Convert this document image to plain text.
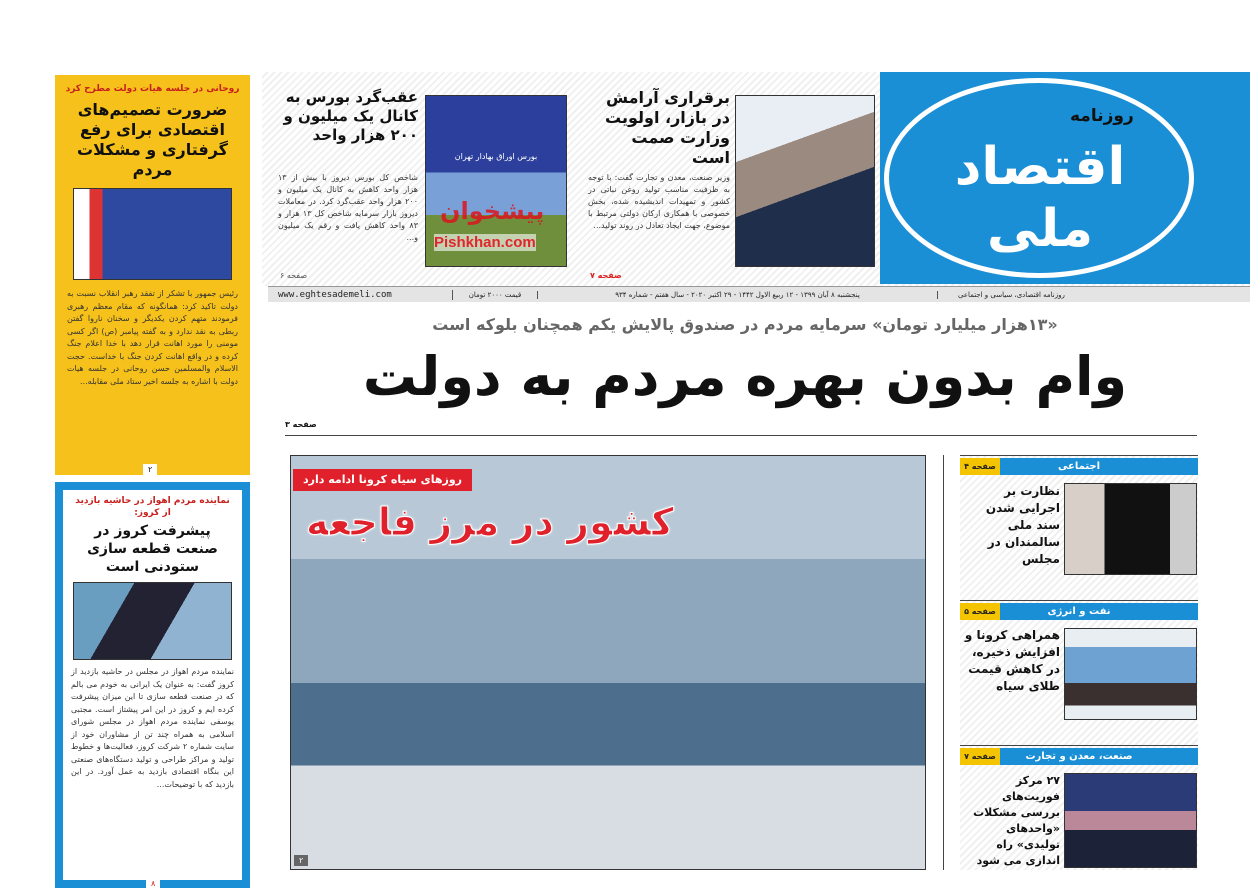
روزنامه
اقتصاد ملی
برقراری آرامش در بازار، اولویت وزارت صمت است
وزیر صنعت، معدن و تجارت گفت: با توجه به ظرفیت مناسب تولید روغن نباتی در کشور و تمهیدات اندیشیده شده، بخش خصوصی با همکاری ارکان دولتی مرتبط با موضوع، جهت ایجاد تعادل در روند تولید...
صفحه ۷
بورس اوراق بهادار تهران
پیشخوان
Pishkhan.com
عقب‌گرد بورس به کانال یک میلیون و ۲۰۰ هزار واحد
شاخص کل بورس دیروز با بیش از ۱۳ هزار واحد کاهش به کانال یک میلیون و ۲۰۰ هزار واحد عقب‌گرد کرد. در معاملات دیروز بازار سرمایه شاخص کل ۱۳ هزار و ۸۳ واحد کاهش یافت و رقم یک میلیون و...
صفحه ۶
www.eghtesademeli.com	قیمت ۲۰۰۰ تومان	پنجشنبه ۸ آبان ۱۳۹۹ - ۱۲ ربیع الاول ۱۴۴۲ - ۲۹ اکتبر ۲۰۲۰ - سال هفتم - شماره ۹۳۴	روزنامه اقتصادی، سیاسی و اجتماعی
«۱۳هزار میلیارد تومان» سرمایه مردم در صندوق پالایش یکم همچنان بلوکه است
وام بدون بهره مردم به دولت
صفحه ۳
روزهای سیاه کرونا ادامه دارد
کشور در مرز فاجعه
۲
روحانی در جلسه هیات دولت مطرح کرد
ضرورت تصمیم‌های اقتصادی برای رفع گرفتاری و مشکلات مردم
رئیس جمهور با تشکر از تفقد رهبر انقلاب نسبت به دولت تاکید کرد: همانگونه که مقام معظم رهبری فرمودند متهم کردن یکدیگر و سخنان ناروا گفتن ربطی به نقد ندارد و به گفته پیامبر (ص) اگر کسی مومنی را مورد اهانت قرار دهد با خدا اعلام جنگ کرده و در واقع اهانت کردن جنگ با خداست. حجت الاسلام والمسلمین حسن روحانی در جلسه هیات دولت با اشاره به جلسه اخیر ستاد ملی مقابله...
۲
نماینده مردم اهواز در حاشیه بازدید از کروز:
پیشرفت کروز در صنعت قطعه سازی ستودنی است
نماینده مردم اهواز در مجلس در حاشیه بازدید از کروز گفت: به عنوان یک ایرانی به خودم می بالم که در صنعت قطعه سازی تا این میزان پیشرفت کرده ایم و کروز در این امر پیشتاز است. مجتبی یوسفی نماینده مردم اهواز در مجلس شورای اسلامی به همراه چند تن از مشاوران خود از سایت شماره ۲ شرکت کروز، فعالیت‌ها و خطوط تولید و مراکز طراحی و تولید دستگاه‌های صنعتی این بنگاه اقتصادی بازدید به عمل آورد. در این بازدید که با توضیحات...
۸
اجتماعی
صفحه ۴
نظارت بر اجرایی شدن سند ملی سالمندان در مجلس
نفت و انرژی
صفحه ۵
همراهی کرونا و افزایش ذخیره، در کاهش قیمت طلای سیاه
صنعت، معدن و تجارت
صفحه ۷
۲۷ مرکز فوریت‌های بررسی مشکلات «واحدهای تولیدی» راه اندازی می شود
